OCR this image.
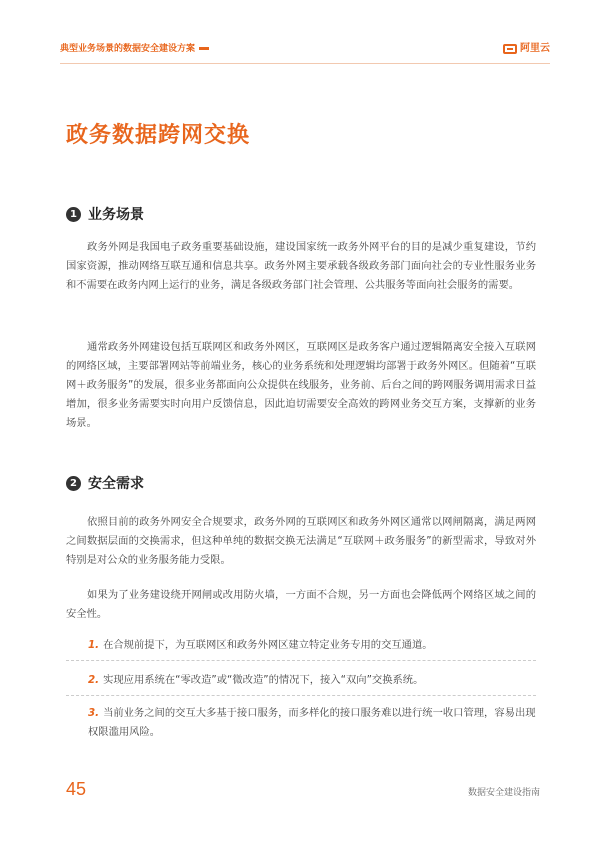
典型业务场景的数据安全建设方案	阿里云
政务数据跨网交换
1 业务场景

政务外网是我国电子政务重要基础设施，建设国家统一政务外网平台的目的是减少重复建设，节约国家资源，推动网络互联互通和信息共享。政务外网主要承载各级政务部门面向社会的专业性服务业务和不需要在政务内网上运行的业务，满足各级政务部门社会管理、公共服务等面向社会服务的需要。

通常政务外网建设包括互联网区和政务外网区，互联网区是政务客户通过逻辑隔离安全接入互联网的网络区域，主要部署网站等前端业务，核心的业务系统和处理逻辑均部署于政务外网区。但随着“互联网＋政务服务”的发展，很多业务都面向公众提供在线服务，业务前、后台之间的跨网服务调用需求日益增加，很多业务需要实时向用户反馈信息，因此迫切需要安全高效的跨网业务交互方案，支撑新的业务场景。

2 安全需求

依照目前的政务外网安全合规要求，政务外网的互联网区和政务外网区通常以网闸隔离，满足两网之间数据层面的交换需求，但这种单纯的数据交换无法满足“互联网＋政务服务”的新型需求，导致对外特别是对公众的业务服务能力受限。

如果为了业务建设绕开网闸或改用防火墙，一方面不合规，另一方面也会降低两个网络区域之间的安全性。

1. 在合规前提下，为互联网区和政务外网区建立特定业务专用的交互通道。
2. 实现应用系统在“零改造”或“微改造”的情况下，接入“双向”交换系统。
3. 当前业务之间的交互大多基于接口服务，而多样化的接口服务难以进行统一收口管理，容易出现权限滥用风险。
45	数据安全建设指南
